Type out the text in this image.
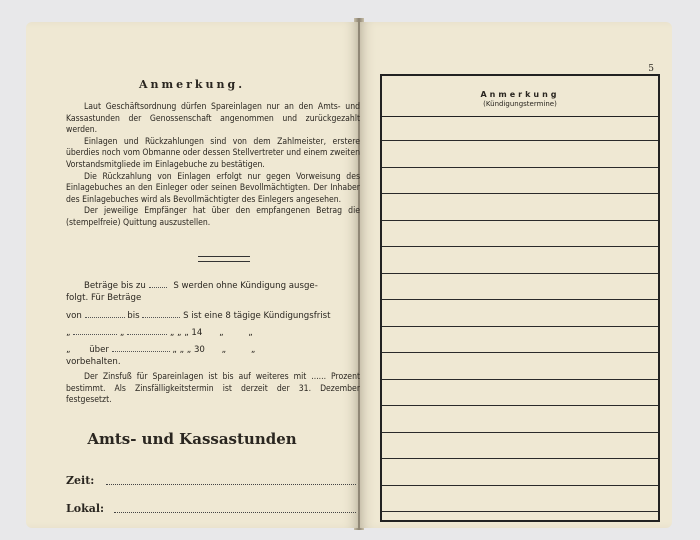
Anmerkung.

Laut Geschäftsordnung dürfen Spareinlagen nur an den Amts- und Kassastunden der Genossenschaft angenommen und zurückgezahlt werden.

Einlagen und Rückzahlungen sind von dem Zahlmeister, erstere überdies noch vom Obmanne oder dessen Stellvertreter und einem zweiten Vorstandsmitgliede im Einlagebuche zu bestätigen.

Die Rückzahlung von Einlagen erfolgt nur gegen Vorweisung des Einlagebuches an den Einleger oder seinen Bevollmächtigten. Der Inhaber des Einlagebuches wird als Bevollmächtigter des Einlegers angesehen.

Der jeweilige Empfänger hat über den empfangenen Betrag die (stempelfreie) Quittung auszustellen.

Beträge bis zu	S werden ohne Kündigung ausge-
folgt. Für Beträge
von	bis	S ist eine 8 tägige Kündigungsfrist
„	„	„ „ „ 14 „	„
„ über	„ „ „ 30 „	„
vorbehalten.

Der Zinsfuß für Spareinlagen ist bis auf weiteres mit ...... Prozent bestimmt. Als Zinsfälligkeitstermin ist derzeit der 31. Dezember festgesetzt.

Amts- und Kassastunden
Zeit:
Lokal:
5
Anmerkung
(Kündigungstermine)
